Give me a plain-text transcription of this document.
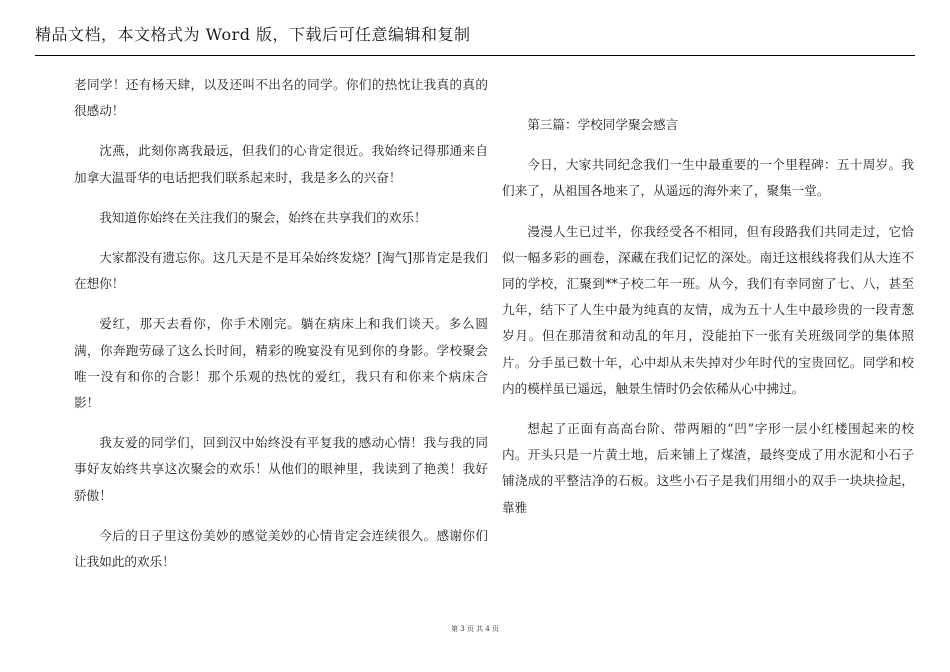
精品文档，本文格式为 Word 版，下载后可任意编辑和复制

老同学！还有杨天肆，以及还叫不出名的同学。你们的热忱让我真的真的很感动！

沈燕，此刻你离我最远，但我们的心肯定很近。我始终记得那通来自加拿大温哥华的电话把我们联系起来时，我是多么的兴奋！

我知道你始终在关注我们的聚会，始终在共享我们的欢乐！

大家都没有遗忘你。这几天是不是耳朵始终发烧？[淘气]那肯定是我们在想你！

爱红，那天去看你，你手术刚完。躺在病床上和我们谈天。多么圆满，你奔跑劳碌了这么长时间，精彩的晚宴没有见到你的身影。学校聚会唯一没有和你的合影！那个乐观的热忱的爱红，我只有和你来个病床合影！

我友爱的同学们，回到汉中始终没有平复我的感动心情！我与我的同事好友始终共享这次聚会的欢乐！从他们的眼神里，我读到了艳羡！我好骄傲！

今后的日子里这份美妙的感觉美妙的心情肯定会连续很久。感谢你们让我如此的欢乐！

第三篇：学校同学聚会感言

今日，大家共同纪念我们一生中最重要的一个里程碑：五十周岁。我们来了，从祖国各地来了，从遥远的海外来了，聚集一堂。

漫漫人生已过半，你我经受各不相同，但有段路我们共同走过，它恰似一幅多彩的画卷，深藏在我们记忆的深处。南迁这根线将我们从大连不同的学校，汇聚到**子校二年一班。从今，我们有幸同窗了七、八，甚至九年，结下了人生中最为纯真的友情，成为五十人生中最珍贵的一段青葱岁月。但在那清贫和动乱的年月，没能拍下一张有关班级同学的集体照片。分手虽已数十年，心中却从未失掉对少年时代的宝贵回忆。同学和校内的模样虽已遥远，触景生情时仍会依稀从心中拂过。

想起了正面有高高台阶、带两厢的“凹”字形一层小红楼围起来的校内。开头只是一片黄土地，后来铺上了煤渣，最终变成了用水泥和小石子铺浇成的平整洁净的石板。这些小石子是我们用细小的双手一块块捡起，靠雅

第 3 页 共 4 页
